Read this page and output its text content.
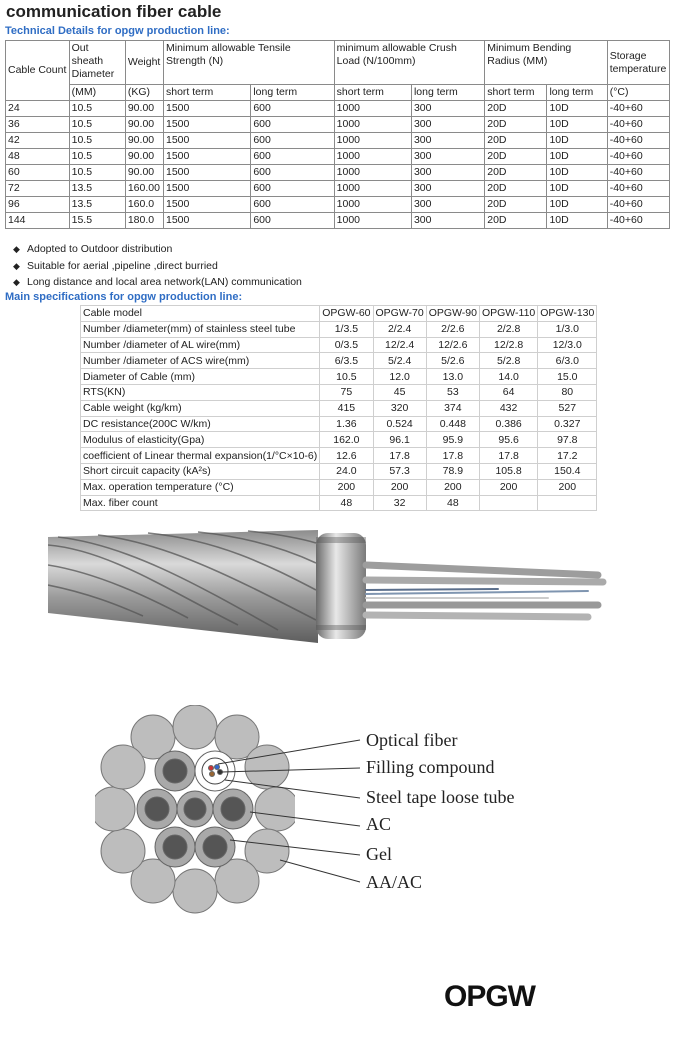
communication fiber cable
Technical Details for opgw production line:
Cable Count	Out sheath Diameter	Weight	Minimum allowable Tensile Strength (N)		minimum allowable Crush Load (N/100mm)		Minimum Bending Radius (MM)		Storage temperature
	(MM)	(KG)	short term	long term	short term	long term	short term	long term	(°C)
24	10.5	90.00	1500	600	1000	300	20D	10D	-40+60
36	10.5	90.00	1500	600	1000	300	20D	10D	-40+60
42	10.5	90.00	1500	600	1000	300	20D	10D	-40+60
48	10.5	90.00	1500	600	1000	300	20D	10D	-40+60
60	10.5	90.00	1500	600	1000	300	20D	10D	-40+60
72	13.5	160.00	1500	600	1000	300	20D	10D	-40+60
96	13.5	160.0	1500	600	1000	300	20D	10D	-40+60
144	15.5	180.0	1500	600	1000	300	20D	10D	-40+60
◆ Adopted to Outdoor distribution
◆ Suitable for aerial ,pipeline ,direct burried
◆ Long distance and local area network(LAN) communication
Main specifications for opgw production line:
Cable model	OPGW-60	OPGW-70	OPGW-90	OPGW-110	OPGW-130
Number /diameter(mm) of stainless steel tube	1/3.5	2/2.4	2/2.6	2/2.8	1/3.0
Number /diameter of AL wire(mm)	0/3.5	12/2.4	12/2.6	12/2.8	12/3.0
Number /diameter of ACS wire(mm)	6/3.5	5/2.4	5/2.6	5/2.8	6/3.0
Diameter of Cable (mm)	10.5	12.0	13.0	14.0	15.0
RTS(KN)	75	45	53	64	80
Cable weight (kg/km)	415	320	374	432	527
DC resistance(200C W/km)	1.36	0.524	0.448	0.386	0.327
Modulus of elasticity(Gpa)	162.0	96.1	95.9	95.6	97.8
coefficient of Linear thermal expansion(1/°C×10-6)	12.6	17.8	17.8	17.8	17.2
Short circuit capacity (kA²s)	24.0	57.3	78.9	105.8	150.4
Max. operation temperature (°C)	200	200	200	200	200
Max. fiber count	48	32	48		
Optical fiber
Filling compound
Steel tape loose tube
AC
Gel
AA/AC
OPGW
